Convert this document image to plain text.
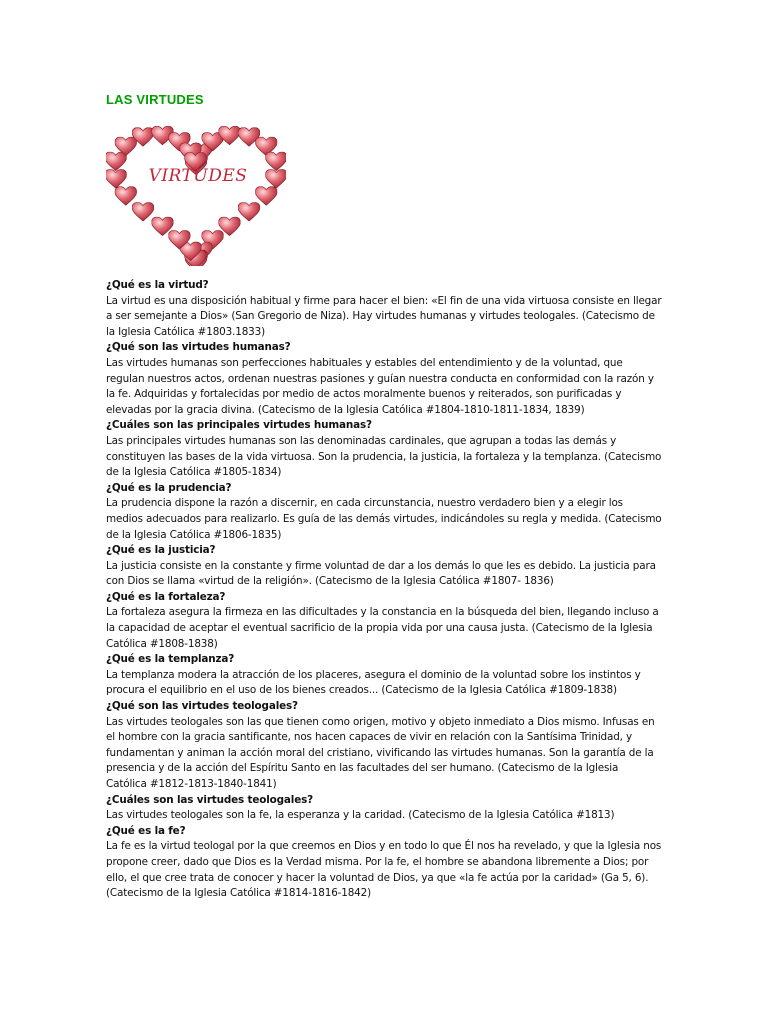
LAS VIRTUDES
VIRTUDES
¿Qué es la virtud?
La virtud es una disposición habitual y firme para hacer el bien: «El fin de una vida virtuosa consiste en llegar a ser semejante a Dios» (San Gregorio de Niza). Hay virtudes humanas y virtudes teologales. (Catecismo de la Iglesia Católica #1803.1833)
¿Qué son las virtudes humanas?
Las virtudes humanas son perfecciones habituales y estables del entendimiento y de la voluntad, que regulan nuestros actos, ordenan nuestras pasiones y guían nuestra conducta en conformidad con la razón y la fe. Adquiridas y fortalecidas por medio de actos moralmente buenos y reiterados, son purificadas y elevadas por la gracia divina. (Catecismo de la Iglesia Católica #1804-1810-1811-1834, 1839)
¿Cuáles son las principales virtudes humanas?
Las principales virtudes humanas son las denominadas cardinales, que agrupan a todas las demás y constituyen las bases de la vida virtuosa. Son la prudencia, la justicia, la fortaleza y la templanza. (Catecismo de la Iglesia Católica #1805-1834)
¿Qué es la prudencia?
La prudencia dispone la razón a discernir, en cada circunstancia, nuestro verdadero bien y a elegir los medios adecuados para realizarlo. Es guía de las demás virtudes, indicándoles su regla y medida. (Catecismo de la Iglesia Católica #1806-1835)
¿Qué es la justicia?
La justicia consiste en la constante y firme voluntad de dar a los demás lo que les es debido. La justicia para con Dios se llama «virtud de la religión». (Catecismo de la Iglesia Católica #1807- 1836)
¿Qué es la fortaleza?
La fortaleza asegura la firmeza en las dificultades y la constancia en la búsqueda del bien, llegando incluso a la capacidad de aceptar el eventual sacrificio de la propia vida por una causa justa. (Catecismo de la Iglesia Católica #1808-1838)
¿Qué es la templanza?
La templanza modera la atracción de los placeres, asegura el dominio de la voluntad sobre los instintos y procura el equilibrio en el uso de los bienes creados... (Catecismo de la Iglesia Católica #1809-1838)
¿Qué son las virtudes teologales?
Las virtudes teologales son las que tienen como origen, motivo y objeto inmediato a Dios mismo. Infusas en el hombre con la gracia santificante, nos hacen capaces de vivir en relación con la Santísima Trinidad, y fundamentan y animan la acción moral del cristiano, vivificando las virtudes humanas. Son la garantía de la presencia y de la acción del Espíritu Santo en las facultades del ser humano. (Catecismo de la Iglesia Católica #1812-1813-1840-1841)
¿Cuáles son las virtudes teologales?
Las virtudes teologales son la fe, la esperanza y la caridad. (Catecismo de la Iglesia Católica #1813)
¿Qué es la fe?
La fe es la virtud teologal por la que creemos en Dios y en todo lo que Él nos ha revelado, y que la Iglesia nos propone creer, dado que Dios es la Verdad misma. Por la fe, el hombre se abandona libremente a Dios; por ello, el que cree trata de conocer y hacer la voluntad de Dios, ya que «la fe actúa por la caridad» (Ga 5, 6). (Catecismo de la Iglesia Católica #1814-1816-1842)
